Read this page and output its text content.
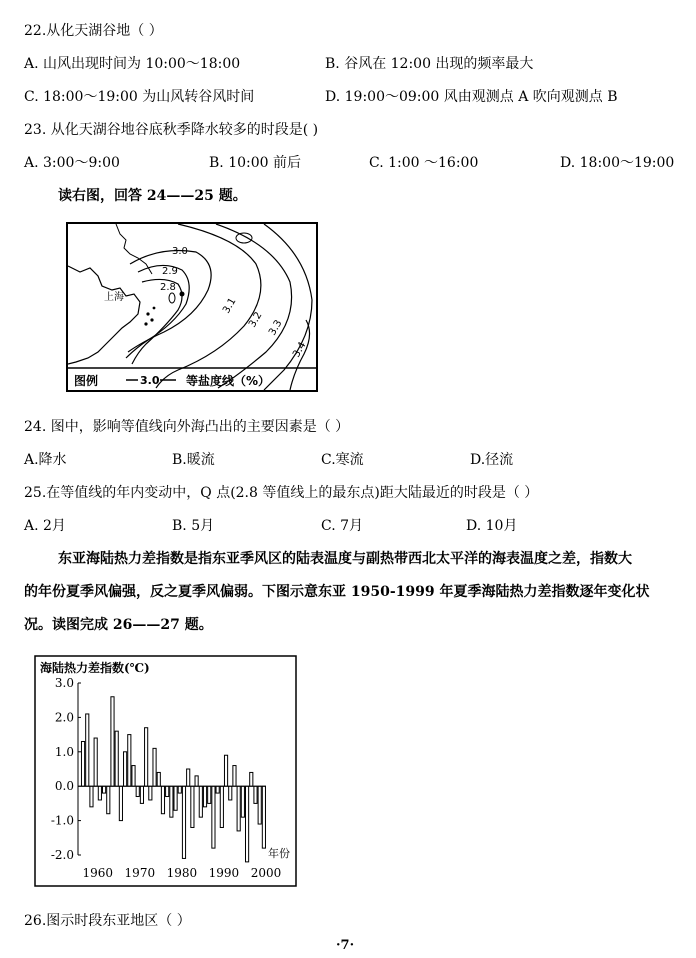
22.从化天湖谷地（ ）
A. 山风出现时间为 10:00～18:00	B. 谷风在 12:00 出现的频率最大
C. 18:00～19:00 为山风转谷风时间	D. 19:00～09:00 风由观测点 A 吹向观测点 B
23. 从化天湖谷地谷底秋季降水较多的时段是( )
A. 3:00～9:00	B. 10:00 前后	C. 1:00 ～16:00	D. 18:00～19:00
读右图，回答 24——25 题。
3.0
2.9
2.8
3.1
3.2 3.3
3.4
上海
图例	3.0 等盐度线（%）
24. 图中，影响等值线向外海凸出的主要因素是（ ）
A.降水	B.暖流	C.寒流	D.径流
25.在等值线的年内变动中，Q 点(2.8 等值线上的最东点)距大陆最近的时段是（ ）
A. 2月	B. 5月	C. 7月	D. 10月
东亚海陆热力差指数是指东亚季风区的陆表温度与副热带西北太平洋的海表温度之差，指数大
的年份夏季风偏强，反之夏季风偏弱。下图示意东亚 1950-1999 年夏季海陆热力差指数逐年变化状
况。读图完成 26——27 题。
海陆热力差指数(℃)
3.0
2.0
1.0
0.0
-1.0
-2.0
1960 1970 1980 1990 2000
年份
26.图示时段东亚地区（ ）
·7·
